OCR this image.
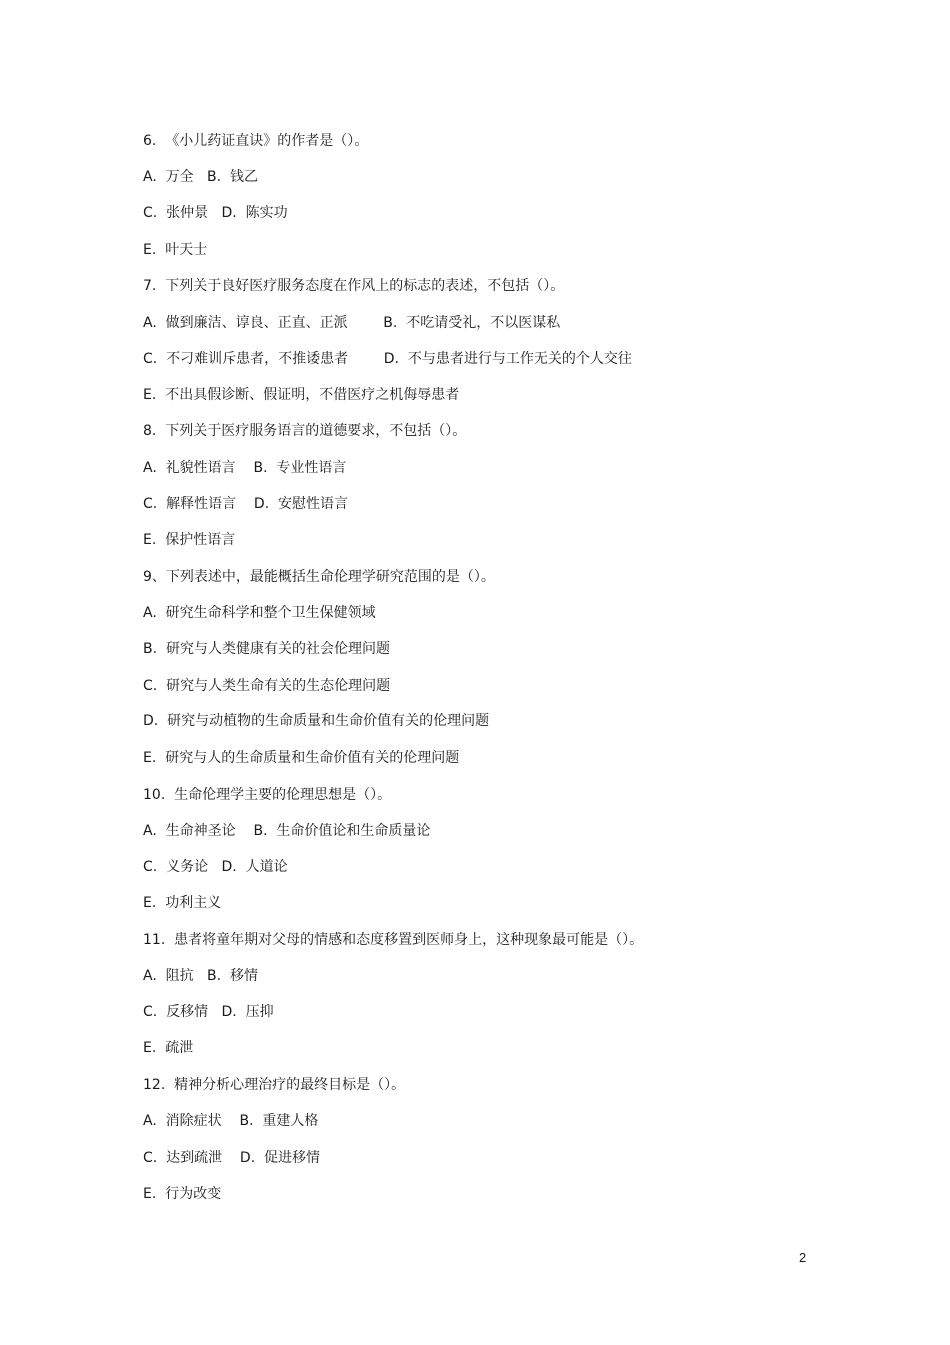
6.  《小儿药证直诀》的作者是（）。
A.  万全   B.  钱乙
C.  张仲景   D.  陈实功
E.  叶天士
7.  下列关于良好医疗服务态度在作风上的标志的表述，不包括（）。
A.  做到廉洁、谆良、正直、正派        B.  不吃请受礼，不以医谋私
C.  不刁难训斥患者，不推诿患者        D.  不与患者进行与工作无关的个人交往
E.  不出具假诊断、假证明，不借医疗之机侮辱患者
8.  下列关于医疗服务语言的道德要求，不包括（）。
A.  礼貌性语言    B.  专业性语言
C.  解释性语言    D.  安慰性语言
E.  保护性语言
9、下列表述中，最能概括生命伦理学研究范围的是（）。
A.  研究生命科学和整个卫生保健领域
B.  研究与人类健康有关的社会伦理问题
C.  研究与人类生命有关的生态伦理问题
D.  研究与动植物的生命质量和生命价值有关的伦理问题
E.  研究与人的生命质量和生命价值有关的伦理问题
10.  生命伦理学主要的伦理思想是（）。
A.  生命神圣论    B.  生命价值论和生命质量论
C.  义务论   D.  人道论
E.  功利主义
11.  患者将童年期对父母的情感和态度移置到医师身上，这种现象最可能是（）。
A.  阻抗   B.  移情
C.  反移情   D.  压抑
E.  疏泄
12.  精神分析心理治疗的最终目标是（）。
A.  消除症状    B.  重建人格
C.  达到疏泄    D.  促进移情
E.  行为改变
2
